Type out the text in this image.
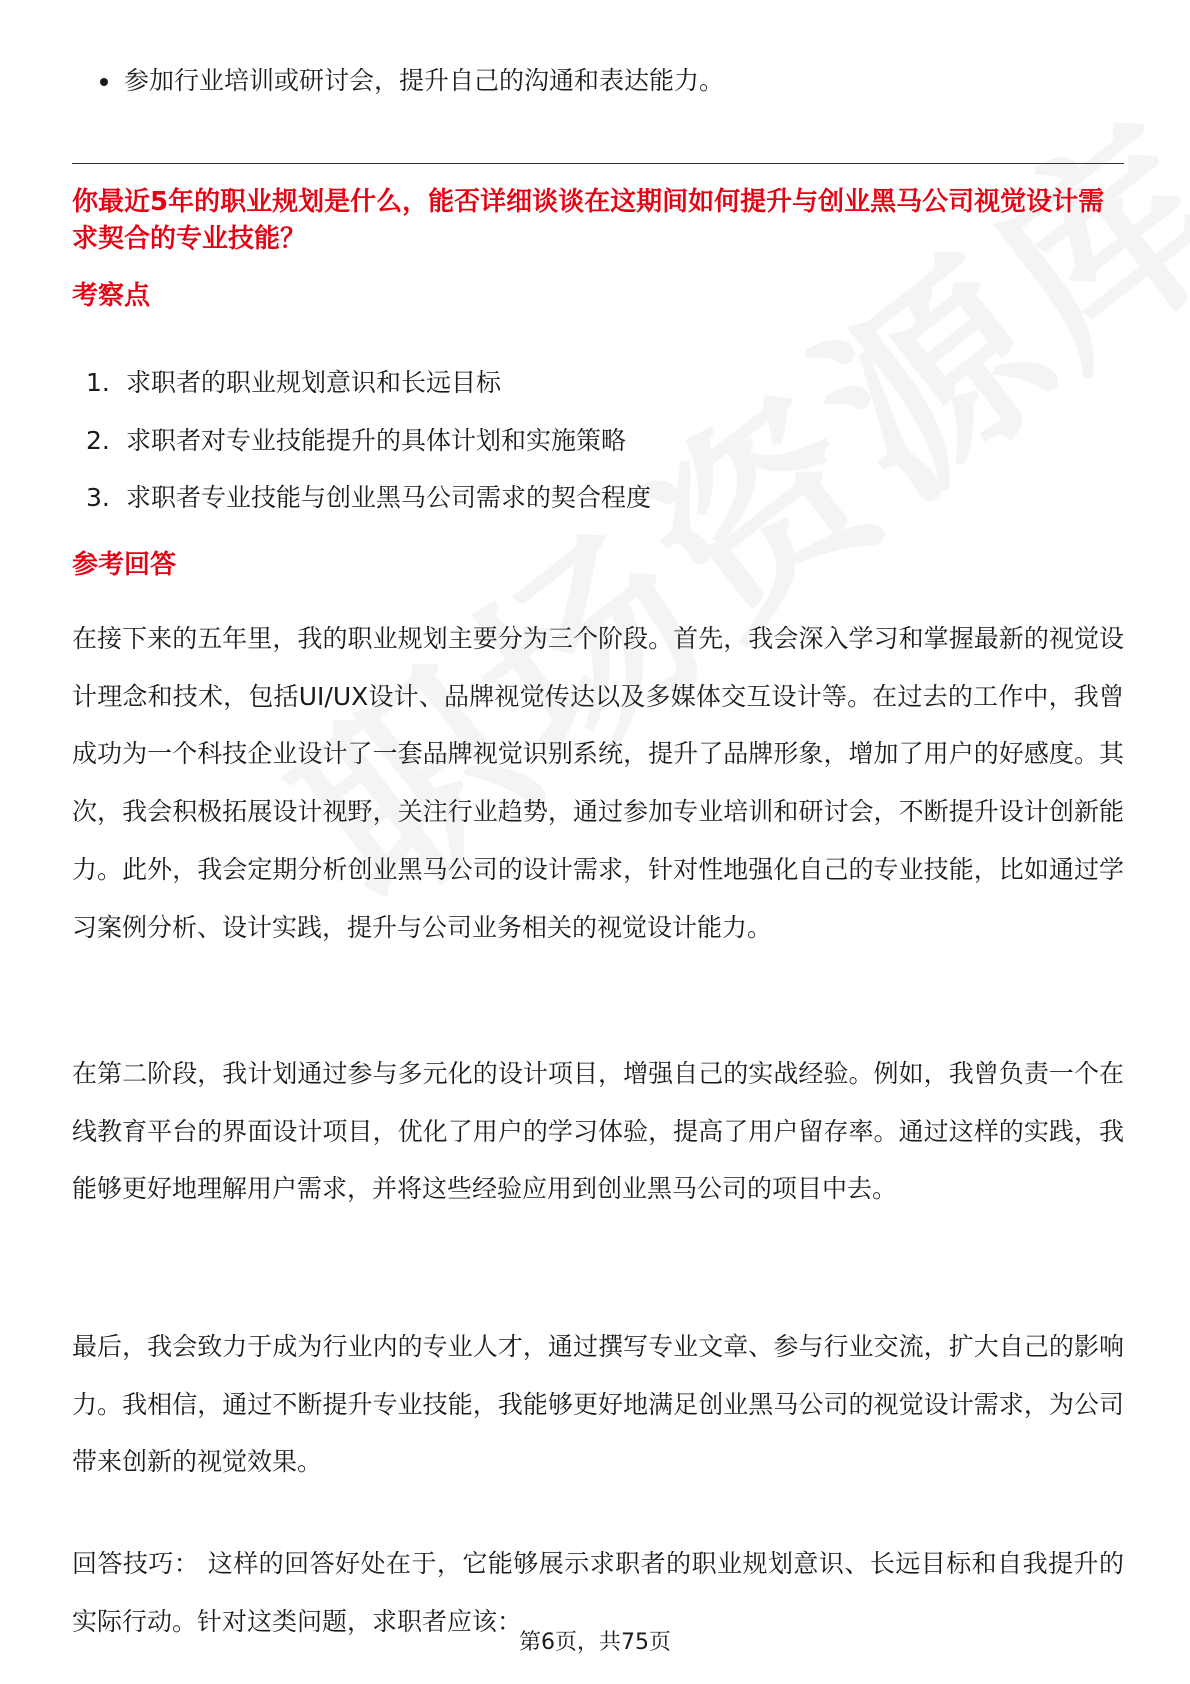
参加行业培训或研讨会，提升自己的沟通和表达能力。
你最近5年的职业规划是什么，能否详细谈谈在这期间如何提升与创业黑马公司视觉设计需求契合的专业技能？
考察点
1. 求职者的职业规划意识和长远目标
2. 求职者对专业技能提升的具体计划和实施策略
3. 求职者专业技能与创业黑马公司需求的契合程度
参考回答

在接下来的五年里，我的职业规划主要分为三个阶段。首先，我会深入学习和掌握最新的视觉设计理念和技术，包括UI/UX设计、品牌视觉传达以及多媒体交互设计等。在过去的工作中，我曾成功为一个科技企业设计了一套品牌视觉识别系统，提升了品牌形象，增加了用户的好感度。其次，我会积极拓展设计视野，关注行业趋势，通过参加专业培训和研讨会，不断提升设计创新能力。此外，我会定期分析创业黑马公司的设计需求，针对性地强化自己的专业技能，比如通过学习案例分析、设计实践，提升与公司业务相关的视觉设计能力。

在第二阶段，我计划通过参与多元化的设计项目，增强自己的实战经验。例如，我曾负责一个在线教育平台的界面设计项目，优化了用户的学习体验，提高了用户留存率。通过这样的实践，我能够更好地理解用户需求，并将这些经验应用到创业黑马公司的项目中去。

最后，我会致力于成为行业内的专业人才，通过撰写专业文章、参与行业交流，扩大自己的影响力。我相信，通过不断提升专业技能，我能够更好地满足创业黑马公司的视觉设计需求，为公司带来创新的视觉效果。

回答技巧： 这样的回答好处在于，它能够展示求职者的职业规划意识、长远目标和自我提升的实际行动。针对这类问题，求职者应该：

第6页，共75页
